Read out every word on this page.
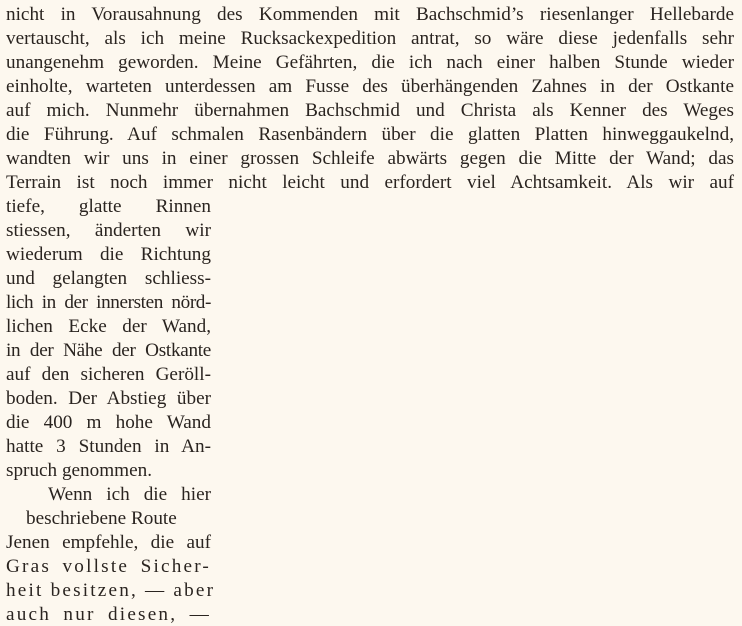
nicht in Vorausahnung des Kommenden mit Bachschmid’s riesenlanger Hellebarde
vertauscht, als ich meine Rucksackexpedition antrat, so wäre diese jedenfalls sehr
unangenehm geworden. Meine Gefährten, die ich nach einer halben Stunde wieder
einholte, warteten unterdessen am Fusse des überhängenden Zahnes in der Ostkante
auf mich. Nunmehr übernahmen Bachschmid und Christa als Kenner des Weges
die Führung. Auf schmalen Rasenbändern über die glatten Platten hinweggaukelnd,
wandten wir uns in einer grossen Schleife abwärts gegen die Mitte der Wand; das
Terrain ist noch immer nicht leicht und erfordert viel Achtsamkeit. Als wir auf
tiefe, glatte Rinnen
stiessen, änderten wir
wiederum die Richtung
und gelangten schliess-
lich in der innersten nörd-
lichen Ecke der Wand,
in der Nähe der Ostkante
auf den sicheren Geröll-
boden. Der Abstieg über
die 400 m hohe Wand
hatte 3 Stunden in An-
spruch genommen.
Wenn ich die hier
beschriebene Route
Jenen empfehle, die auf
Gras vollste Sicher-
heit besitzen, — aber
auch nur diesen, —
